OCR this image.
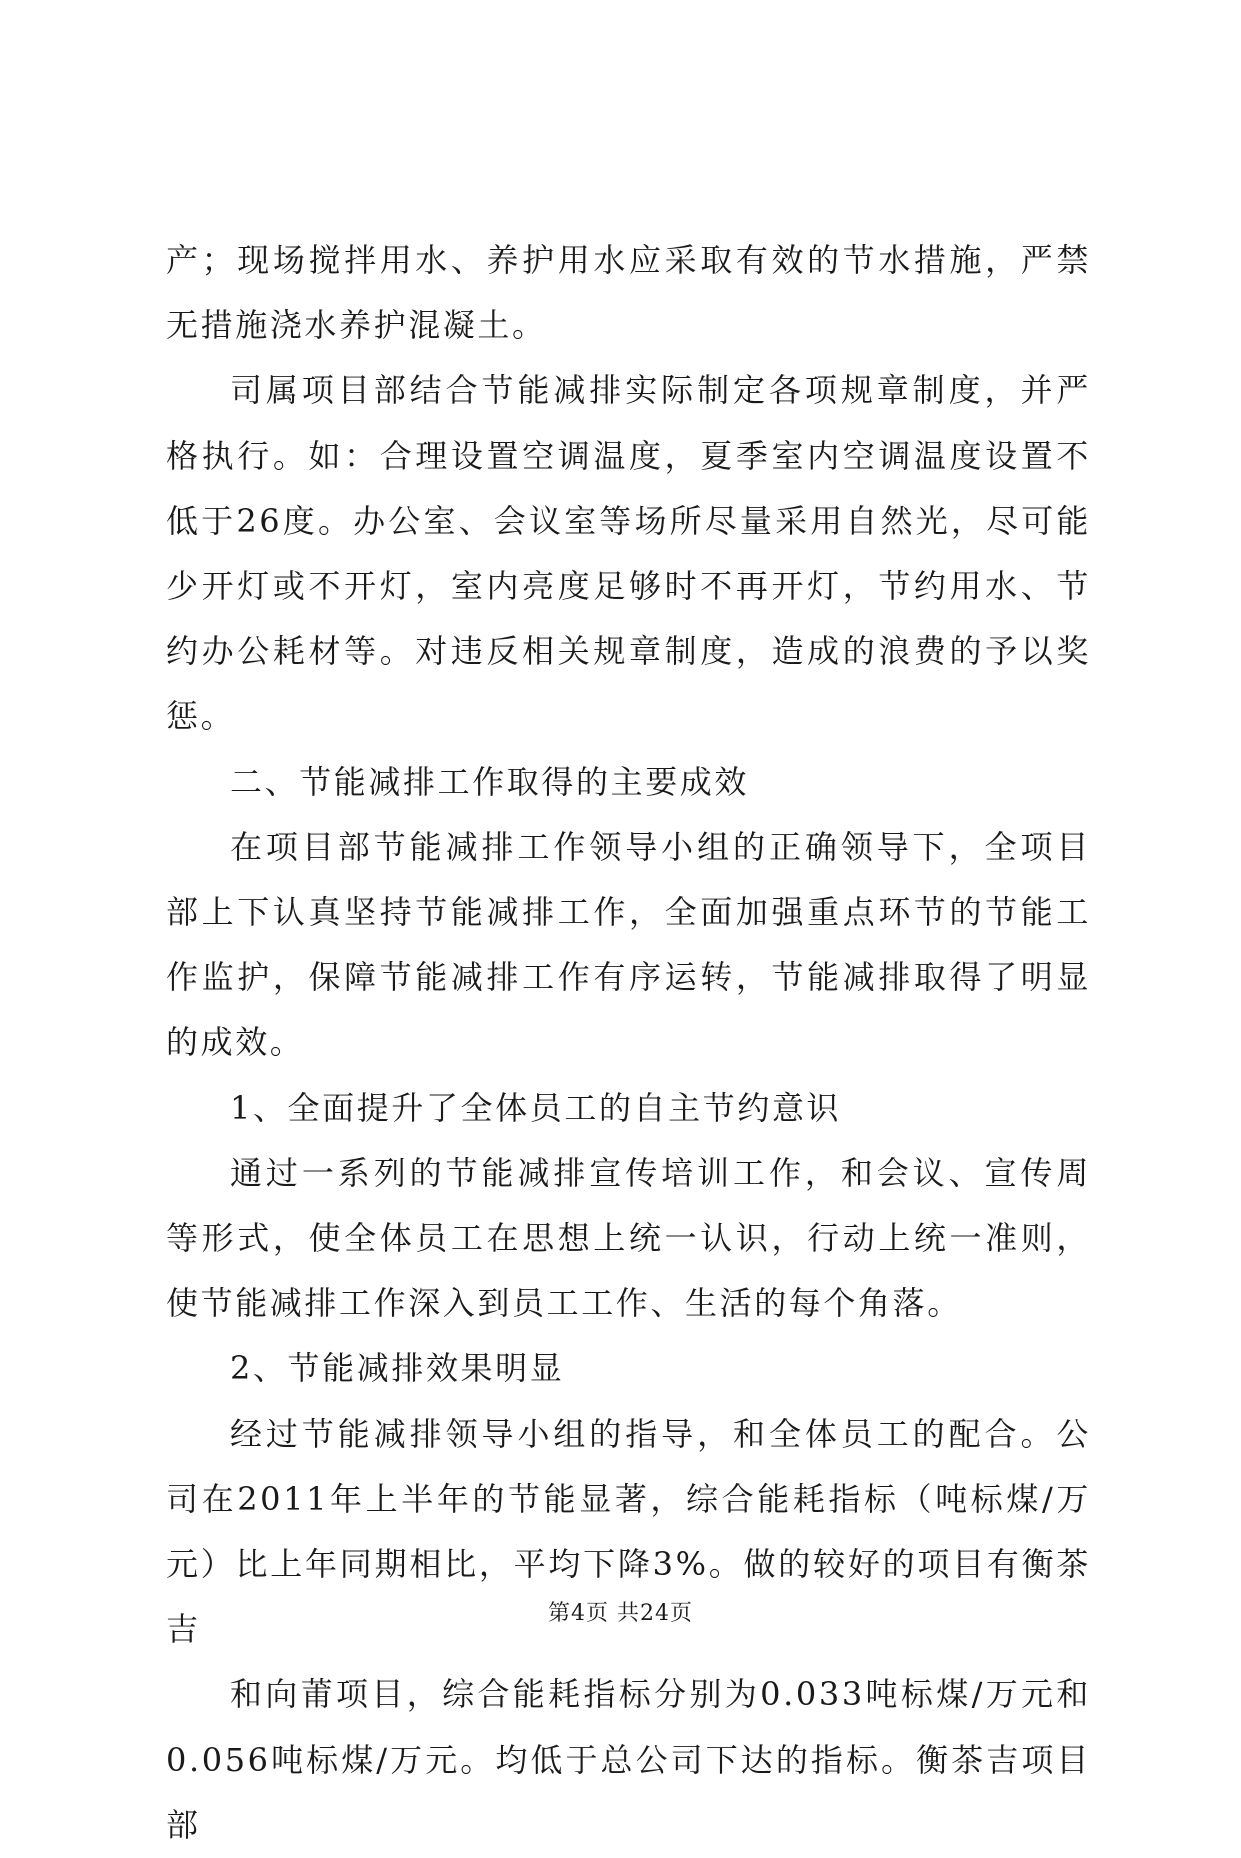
产；现场搅拌用水、养护用水应采取有效的节水措施，严禁无措施浇水养护混凝土。

司属项目部结合节能减排实际制定各项规章制度，并严格执行。如：合理设置空调温度，夏季室内空调温度设置不低于26度。办公室、会议室等场所尽量采用自然光，尽可能少开灯或不开灯，室内亮度足够时不再开灯，节约用水、节约办公耗材等。对违反相关规章制度，造成的浪费的予以奖惩。

二、节能减排工作取得的主要成效

在项目部节能减排工作领导小组的正确领导下，全项目部上下认真坚持节能减排工作，全面加强重点环节的节能工作监护，保障节能减排工作有序运转，节能减排取得了明显的成效。

1、全面提升了全体员工的自主节约意识

通过一系列的节能减排宣传培训工作，和会议、宣传周等形式，使全体员工在思想上统一认识，行动上统一准则，使节能减排工作深入到员工工作、生活的每个角落。

2、节能减排效果明显

经过节能减排领导小组的指导，和全体员工的配合。公司在2011年上半年的节能显著，综合能耗指标（吨标煤/万元）比上年同期相比，平均下降3%。做的较好的项目有衡茶吉

和向莆项目，综合能耗指标分别为0.033吨标煤/万元和0.056吨标煤/万元。均低于总公司下达的指标。衡茶吉项目部

第4页 共24页
